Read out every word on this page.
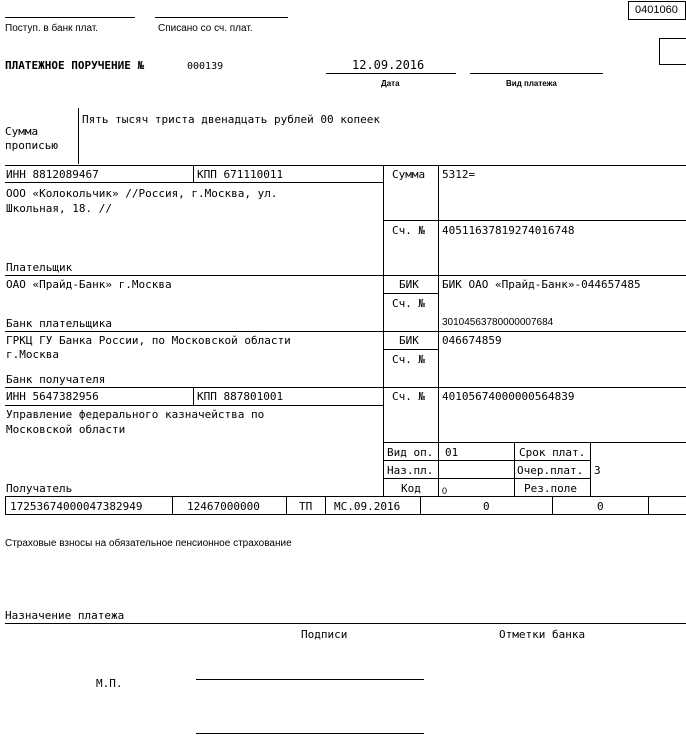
0401060
Поступ. в банк плат.	Списано со сч. плат.
ПЛАТЕЖНОЕ ПОРУЧЕНИЕ №	000139	12.09.2016
Дата	Вид платежа
Сумма
прописью
Пять тысяч триста двенадцать рублей 00 копеек
ИНН 8812089467	КПП 671110011
ООО «Колокольчик» //Россия, г.Москва, ул.
Школьная, 18. //
Плательщик
Сумма 5312=
Сч. № 40511637819274016748
ОАО «Прайд-Банк» г.Москва
Банк плательщика
БИК БИК ОАО «Прайд-Банк»-044657485
Сч. №
30104563780000007684
ГРКЦ ГУ Банка России, по Московской области
г.Москва
Банк получателя
БИК 046674859
Сч. №
ИНН 5647382956	КПП 887801001	Сч. № 40105674000000564839
Управление федерального казначейства по
Московской области
Получатель
Вид оп. 01	Срок плат.
Наз.пл.	Очер.плат. 3
Код 0	Рез.поле
17253674000047382949	12467000000	ТП МС.09.2016	0	0
Страховые взносы на обязательное пенсионное страхование
Назначение платежа
Подписи	Отметки банка
М.П.
